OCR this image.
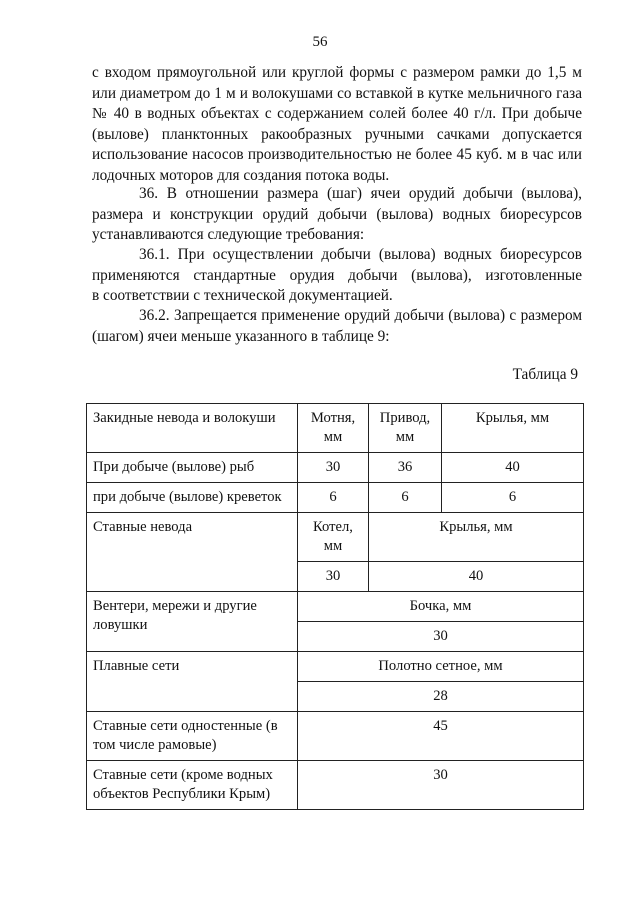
56
с входом прямоугольной или круглой формы с размером рамки до 1,5 м
или диаметром до 1 м и волокушами со вставкой в кутке мельничного газа
№ 40 в водных объектах с содержанием солей более 40 г/л. При добыче
(вылове) планктонных ракообразных ручными сачками допускается
использование насосов производительностью не более 45 куб. м в час или
лодочных моторов для создания потока воды.
36. В отношении размера (шаг) ячеи орудий добычи (вылова),
размера и конструкции орудий добычи (вылова) водных биоресурсов
устанавливаются следующие требования:
36.1. При осуществлении добычи (вылова) водных биоресурсов
применяются стандартные орудия добычи (вылова), изготовленные
в соответствии с технической документацией.
36.2. Запрещается применение орудий добычи (вылова) с размером
(шагом) ячеи меньше указанного в таблице 9:
Таблица 9
Закидные невода и волокуши	Мотня, мм	Привод, мм	Крылья, мм
При добыче (вылове) рыб	30	36	40
при добыче (вылове) креветок	6	6	6
Ставные невода	Котел, мм	Крылья, мм	
	30	40	
Вентери, мережи и другие ловушки	Бочка, мм		
	30		
Плавные сети	Полотно сетное, мм		
	28		
Ставные сети одностенные (в том числе рамовые)	45		
Ставные сети (кроме водных объектов Республики Крым)	30		
